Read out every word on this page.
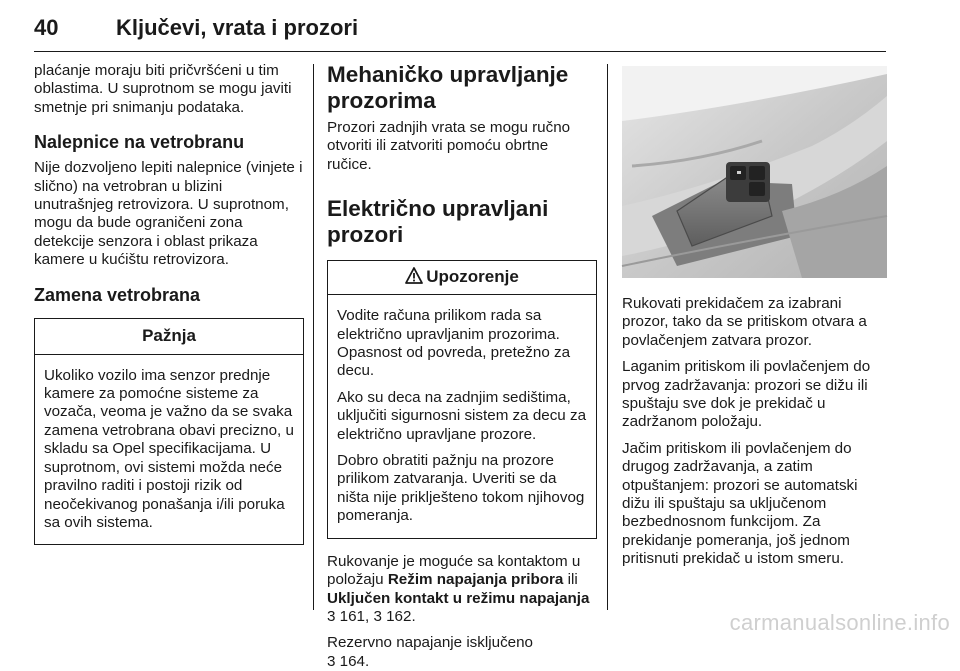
40	Ključevi, vrata i prozori

plaćanje moraju biti pričvršćeni u tim oblastima. U suprotnom se mogu javiti smetnje pri snimanju podataka.

Nalepnice na vetrobranu

Nije dozvoljeno lepiti nalepnice (vinjete i slično) na vetrobran u blizini unutrašnjeg retrovizora. U suprotnom, mogu da bude ograničeni zona detekcije senzora i oblast prikaza kamere u kućištu retrovizora.

Zamena vetrobrana
Pažnja

Ukoliko vozilo ima senzor prednje kamere za pomoćne sisteme za vozača, veoma je važno da se svaka zamena vetrobrana obavi precizno, u skladu sa Opel specifikacijama. U suprotnom, ovi sistemi možda neće pravilno raditi i postoji rizik od neočekivanog ponašanja i/ili poruka sa ovih sistema.

Mehaničko upravljanje prozorima

Prozori zadnjih vrata se mogu ručno otvoriti ili zatvoriti pomoću obrtne ručice.

Električno upravljani prozori
Upozorenje

Vodite računa prilikom rada sa električno upravljanim prozorima. Opasnost od povreda, pretežno za decu.

Ako su deca na zadnjim sedištima, uključiti sigurnosni sistem za decu za električno upravljane prozore.

Dobro obratiti pažnju na prozore prilikom zatvaranja. Uveriti se da ništa nije priklješteno tokom njihovog pomeranja.

Rukovanje je moguće sa kontaktom u položaju Režim napajanja pribora ili Uključen kontakt u režimu napajanja
3 161, 3 162.

Rezervno napajanje isključeno
3 164.

Rukovati prekidačem za izabrani prozor, tako da se pritiskom otvara a povlačenjem zatvara prozor.

Laganim pritiskom ili povlačenjem do prvog zadržavanja: prozori se dižu ili spuštaju sve dok je prekidač u zadržanom položaju.

Jačim pritiskom ili povlačenjem do drugog zadržavanja, a zatim otpuštanjem: prozori se automatski dižu ili spuštaju sa uključenom bezbednosnom funkcijom. Za prekidanje pomeranja, još jednom pritisnuti prekidač u istom smeru.

carmanualsonline.info
